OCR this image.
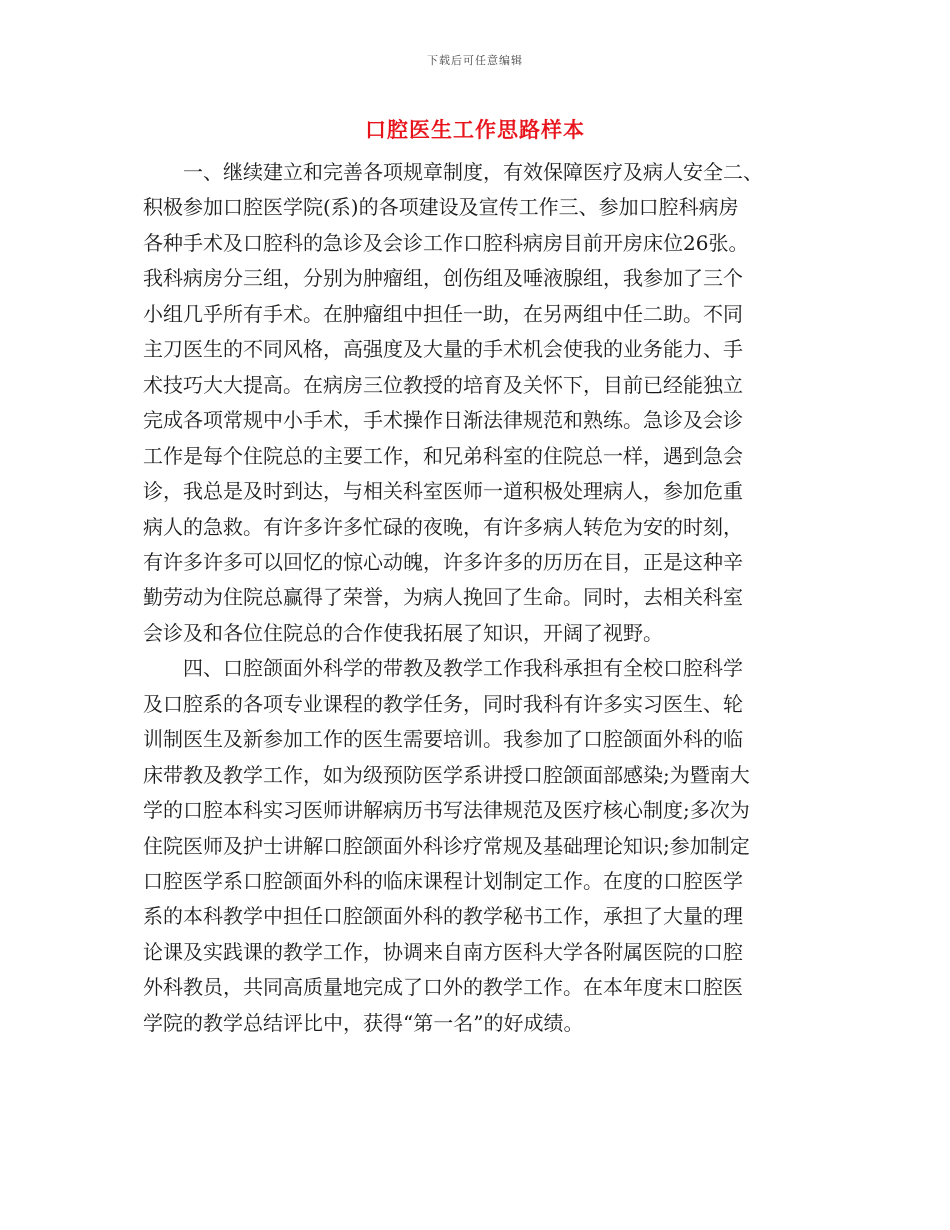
下载后可任意编辑
口腔医生工作思路样本
一、继续建立和完善各项规章制度，有效保障医疗及病人安全二、
积极参加口腔医学院(系)的各项建设及宣传工作三、参加口腔科病房
各种手术及口腔科的急诊及会诊工作口腔科病房目前开房床位26张。
我科病房分三组，分别为肿瘤组，创伤组及唾液腺组，我参加了三个
小组几乎所有手术。在肿瘤组中担任一助，在另两组中任二助。不同
主刀医生的不同风格，高强度及大量的手术机会使我的业务能力、手
术技巧大大提高。在病房三位教授的培育及关怀下，目前已经能独立
完成各项常规中小手术，手术操作日渐法律规范和熟练。急诊及会诊
工作是每个住院总的主要工作，和兄弟科室的住院总一样，遇到急会
诊，我总是及时到达，与相关科室医师一道积极处理病人，参加危重
病人的急救。有许多许多忙碌的夜晚，有许多病人转危为安的时刻，
有许多许多可以回忆的惊心动魄，许多许多的历历在目，正是这种辛
勤劳动为住院总赢得了荣誉，为病人挽回了生命。同时，去相关科室
会诊及和各位住院总的合作使我拓展了知识，开阔了视野。
四、口腔颌面外科学的带教及教学工作我科承担有全校口腔科学
及口腔系的各项专业课程的教学任务，同时我科有许多实习医生、轮
训制医生及新参加工作的医生需要培训。我参加了口腔颌面外科的临
床带教及教学工作，如为级预防医学系讲授口腔颌面部感染;为暨南大
学的口腔本科实习医师讲解病历书写法律规范及医疗核心制度;多次为
住院医师及护士讲解口腔颌面外科诊疗常规及基础理论知识;参加制定
口腔医学系口腔颌面外科的临床课程计划制定工作。在度的口腔医学
系的本科教学中担任口腔颌面外科的教学秘书工作，承担了大量的理
论课及实践课的教学工作，协调来自南方医科大学各附属医院的口腔
外科教员，共同高质量地完成了口外的教学工作。在本年度末口腔医
学院的教学总结评比中，获得“第一名”的好成绩。
